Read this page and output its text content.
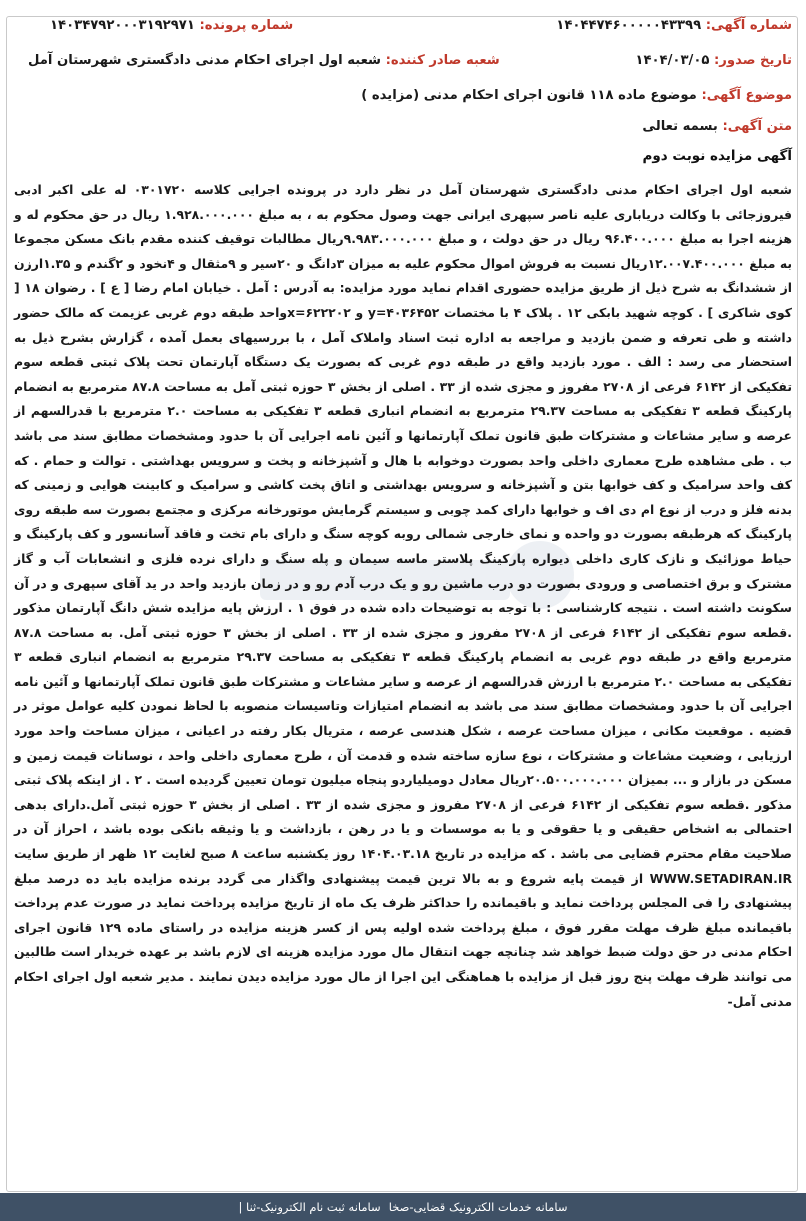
شماره آگهی: ۱۴۰۴۴۷۴۶۰۰۰۰۰۴۳۳۹۹
شماره پرونده: ۱۴۰۳۴۷۹۲۰۰۰۳۱۹۲۹۷۱
تاریخ صدور: ۱۴۰۴/۰۳/۰۵
شعبه صادر کننده: شعبه اول اجرای احکام مدنی دادگستری شهرستان آمل
موضوع آگهی: موضوع ماده ۱۱۸ قانون اجرای احکام مدنی (مزایده )
متن آگهی: بسمه تعالی
آگهی مزایده نوبت دوم
شعبه اول اجرای احکام مدنی دادگستری شهرستان آمل در نظر دارد در پرونده اجرایی کلاسه ۰۳۰۱۷۲۰ له علی اکبر ادبی فیروزجائی با وکالت دریاباری علیه ناصر سپهری ایرانی جهت وصول محکوم به ، به مبلغ ۱.۹۲۸.۰۰۰.۰۰۰ ریال در حق محکوم له و هزینه اجرا به مبلغ ۹۶.۴۰۰.۰۰۰ ریال در حق دولت ، و مبلغ ۹.۹۸۳.۰۰۰.۰۰۰ریال مطالبات توقیف کننده مقدم بانک مسکن مجموعا به مبلغ ۱۲.۰۰۷.۴۰۰.۰۰۰ریال نسبت به فروش اموال محکوم علیه به میزان ۳دانگ و ۲۰سیر و ۹مثقال و ۴نخود و ۲گندم و ۱.۳۵ارزن از ششدانگ به شرح ذیل از طریق مزایده حضوری اقدام نماید مورد مزایده: به آدرس : آمل . خیابان امام رضا [ ع ] . رضوان ۱۸ [ کوی شاکری ] . کوچه شهید بابکی ۱۲ . پلاک ۴ با مختصات y=۴۰۳۶۴۵۲ و x=۶۲۲۲۰۲واحد طبقه دوم غربی عزیمت که مالک حضور داشته و طی تعرفه و ضمن بازدید و مراجعه به اداره ثبت اسناد واملاک آمل ، با بررسیهای بعمل آمده ، گزارش بشرح ذیل به استحضار می رسد : الف . مورد بازدید واقع در طبقه دوم غربی که بصورت یک دستگاه آپارتمان تحت پلاک ثبتی قطعه سوم تفکیکی از ۶۱۴۲ فرعی از ۲۷۰۸ مفروز و مجزی شده از ۳۳ . اصلی از بخش ۳ حوزه ثبتی آمل به مساحت ۸۷.۸ مترمربع به انضمام پارکینگ قطعه ۳ تفکیکی به مساحت ۲۹.۳۷ مترمربع به انضمام انباری قطعه ۳ تفکیکی به مساحت ۲.۰ مترمربع با قدرالسهم از عرصه و سایر مشاعات و مشترکات طبق قانون تملک آپارتمانها و آئین نامه اجرایی آن با حدود ومشخصات مطابق سند می باشد ب . طی مشاهده طرح معماری داخلی واحد بصورت دوخوابه با هال و آشپزخانه و پخت و سرویس بهداشتی . توالت و حمام . که کف واحد سرامیک و کف خوابها بتن و آشپزخانه و سرویس بهداشتی و اتاق پخت کاشی و سرامیک و کابینت هوایی و زمینی که بدنه فلز و درب از نوع ام دی اف و خوابها دارای کمد چوبی و سیستم گرمایش موتورخانه مرکزی و مجتمع بصورت سه طبقه روی پارکینگ که هرطبقه بصورت دو واحده و نمای خارجی شمالی روبه کوچه سنگ و دارای بام تخت و فاقد آسانسور و کف پارکینگ و حیاط موزائیک و نازک کاری داخلی دیواره پارکینگ پلاستر ماسه سیمان و پله سنگ و دارای نرده فلزی و انشعابات آب و گاز مشترک و برق اختصاصی و ورودی بصورت دو درب ماشین رو و یک درب آدم رو و در زمان بازدید واحد در ید آقای سپهری و در آن سکونت داشته است . نتیجه کارشناسی : با توجه به توضیحات داده شده در فوق ۱ . ارزش پایه مزایده شش دانگ آپارتمان مذکور .قطعه سوم تفکیکی از ۶۱۴۲ فرعی از ۲۷۰۸ مفروز و مجزی شده از ۳۳ . اصلی از بخش ۳ حوزه ثبتی آمل. به مساحت ۸۷.۸ مترمربع واقع در طبقه دوم غربی به انضمام پارکینگ قطعه ۳ تفکیکی به مساحت ۲۹.۳۷ مترمربع به انضمام انباری قطعه ۳ تفکیکی به مساحت ۲.۰ مترمربع با ارزش قدرالسهم از عرصه و سایر مشاعات و مشترکات طبق قانون تملک آپارتمانها و آئین نامه اجرایی آن با حدود ومشخصات مطابق سند می باشد به انضمام امتیازات وتاسیسات منصوبه با لحاظ نمودن کلیه عوامل موثر در قضیه . موقعیت مکانی ، میزان مساحت عرصه ، شکل هندسی عرصه ، متریال بکار رفته در اعیانی ، میزان مساحت واحد مورد ارزیابی ، وضعیت مشاعات و مشترکات ، نوع سازه ساخته شده و قدمت آن ، طرح معماری داخلی واحد ، نوسانات قیمت زمین و مسکن در بازار و ... بمیزان ۲۰.۵۰۰.۰۰۰.۰۰۰ریال معادل دومیلیاردو پنجاه میلیون تومان تعیین گردیده است . ۲ . از اینکه پلاک ثبتی مذکور .قطعه سوم تفکیکی از ۶۱۴۲ فرعی از ۲۷۰۸ مفروز و مجزی شده از ۳۳ . اصلی از بخش ۳ حوزه ثبتی آمل.دارای بدهی احتمالی به اشخاص حقیقی و یا حقوقی و یا به موسسات و یا در رهن ، بازداشت و یا وثیقه بانکی بوده باشد ، احراز آن در صلاحیت مقام محترم قضایی می باشد . که مزایده در تاریخ ۱۴۰۴.۰۳.۱۸ روز یکشنبه ساعت ۸ صبح لغایت ۱۲ ظهر از طریق سایت WWW.SETADIRAN.IR از قیمت پایه شروع و به بالا ترین قیمت پیشنهادی واگذار می گردد برنده مزایده باید ده درصد مبلغ پیشنهادی را فی المجلس پرداخت نماید و باقیمانده را حداکثر ظرف یک ماه از تاریخ مزایده پرداخت نماید در صورت عدم پرداخت باقیمانده مبلغ ظرف مهلت مقرر فوق ، مبلغ پرداخت شده اولیه پس از کسر هزینه مزایده در راستای ماده ۱۲۹ قانون اجرای احکام مدنی در حق دولت ضبط خواهد شد چنانچه جهت انتقال مال مورد مزایده هزینه ای لازم باشد بر عهده خریدار است طالبین می توانند ظرف مهلت پنج روز قبل از مزایده با هماهنگی این اجرا از مال مورد مزایده دیدن نمایند . مدیر شعبه اول اجرای احکام مدنی آمل-
سامانه خدمات الکترونیک قضایی-صخا
سامانه ثبت نام الکترونیک-ثنا |
